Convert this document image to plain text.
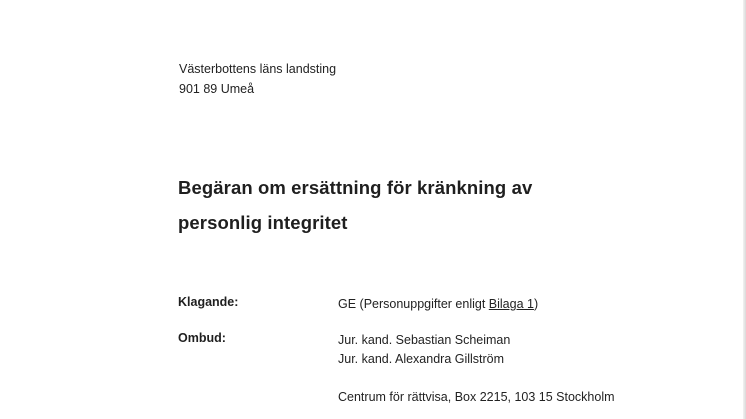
Västerbottens läns landsting
901 89 Umeå
Begäran om ersättning för kränkning av
personlig integritet
Klagande:	GE (Personuppgifter enligt Bilaga 1)
Ombud:	Jur. kand. Sebastian Scheiman
Jur. kand. Alexandra Gillström
Centrum för rättvisa, Box 2215, 103 15 Stockholm
